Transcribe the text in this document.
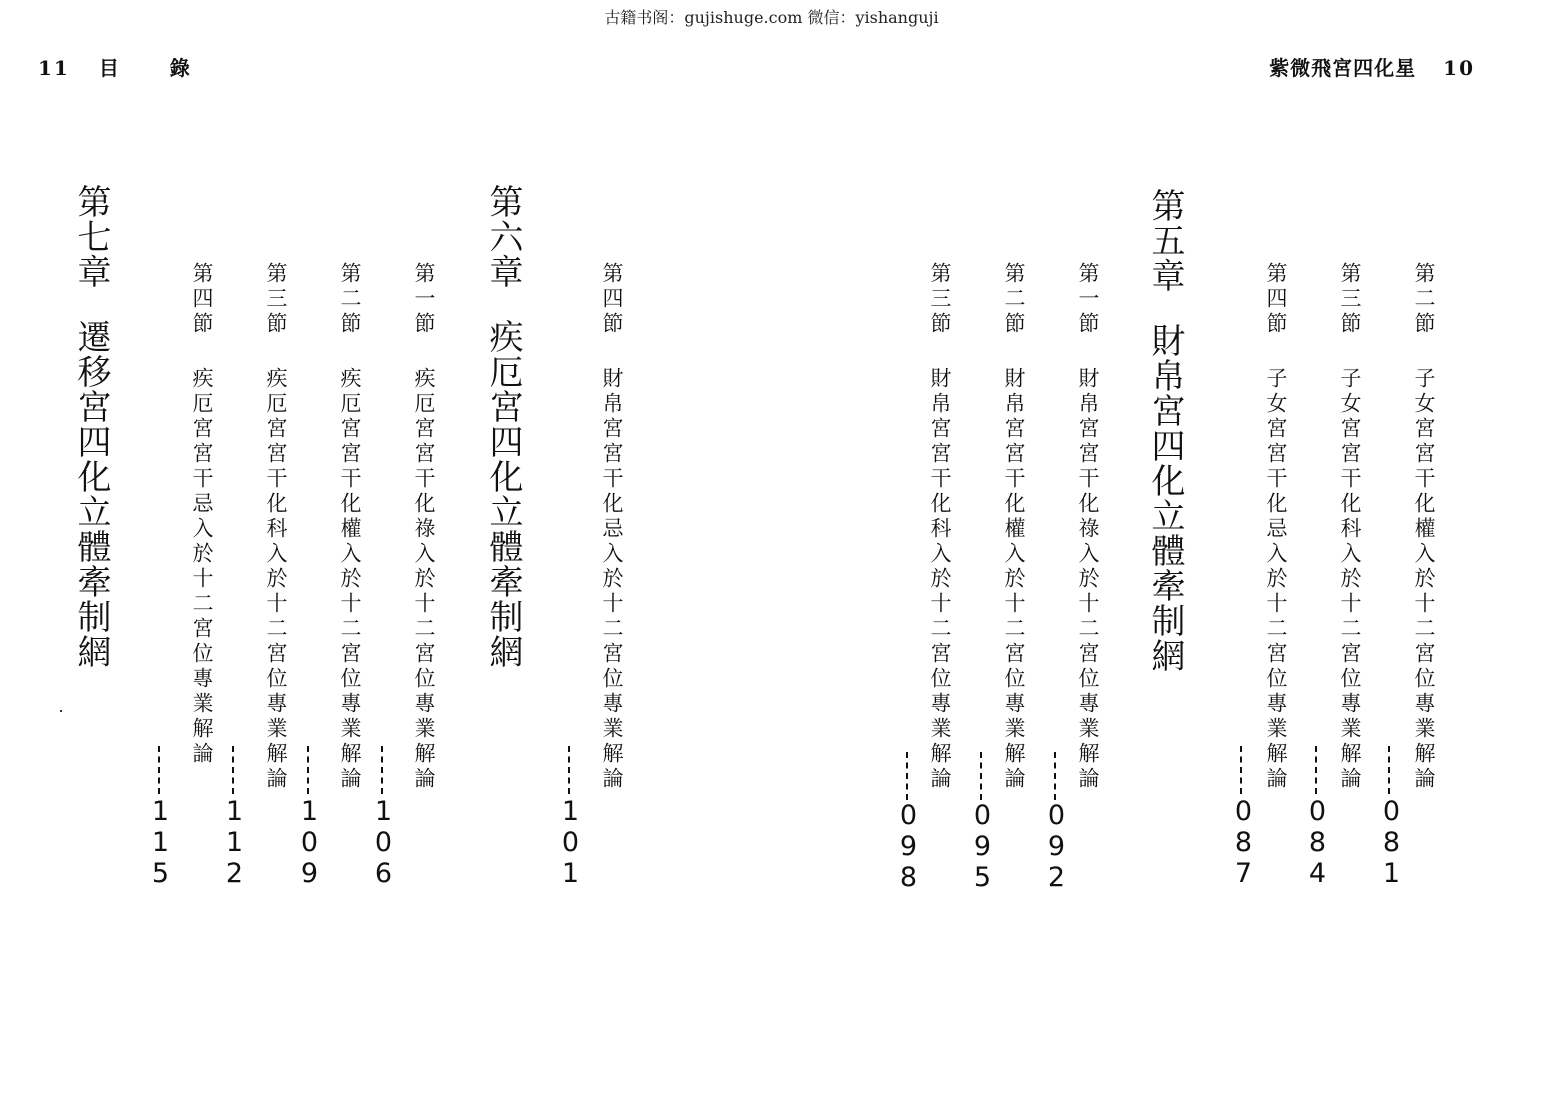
古籍书阁：gujishuge.com 微信：yishanguji
11 目 錄	紫微飛宮四化星 10
第二節子女宮宮干化權入於十二宮位專業解論
第三節子女宮宮干化科入於十二宮位專業解論
第四節子女宮宮干化忌入於十二宮位專業解論
第五章財帛宮四化立體牽制網
第一節財帛宮宮干化祿入於十二宮位專業解論
第二節財帛宮宮干化權入於十二宮位專業解論
第三節財帛宮宮干化科入於十二宮位專業解論
081
084
087
092
095
098
第四節財帛宮宮干化忌入於十二宮位專業解論
第六章疾厄宮四化立體牽制網
第一節疾厄宮宮干化祿入於十二宮位專業解論
第二節疾厄宮宮干化權入於十二宮位專業解論
第三節疾厄宮宮干化科入於十二宮位專業解論
第四節疾厄宮宮干忌入於十二宮位專業解論
第七章遷移宮四化立體牽制網
101
106
109
112
115
